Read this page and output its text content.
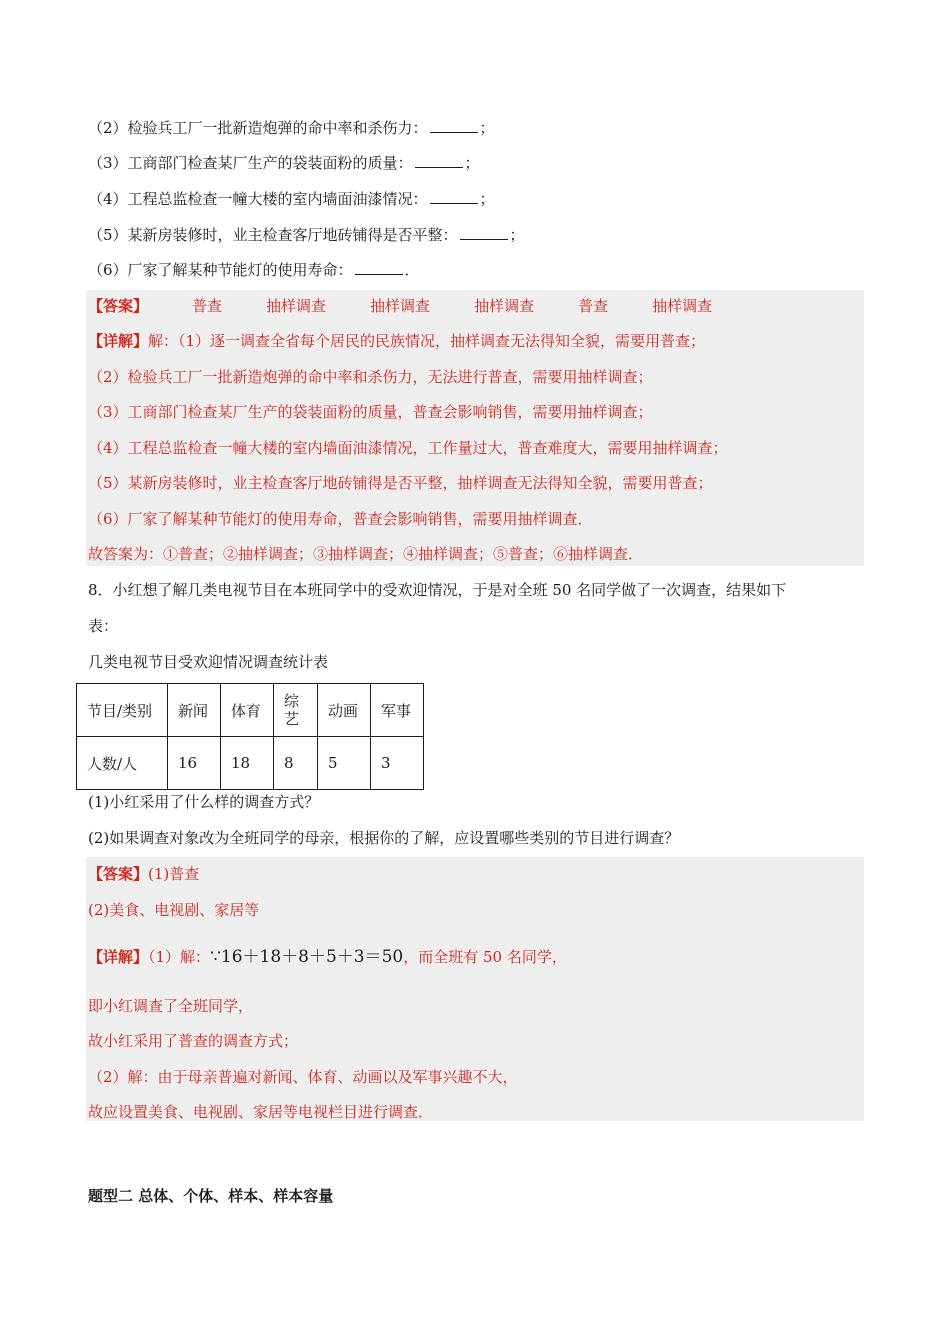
（2）检验兵工厂一批新造炮弹的命中率和杀伤力：	；
（3）工商部门检查某厂生产的袋装面粉的质量：	；
（4）工程总监检查一幢大楼的室内墙面油漆情况：	；
（5）某新房装修时，业主检查客厅地砖铺得是否平整：	；
（6）厂家了解某种节能灯的使用寿命：	．
【答案】	普查	抽样调查	抽样调查	抽样调查	普查	抽样调查
【详解】解：（1）逐一调查全省每个居民的民族情况，抽样调查无法得知全貌，需要用普查；
（2）检验兵工厂一批新造炮弹的命中率和杀伤力，无法进行普查，需要用抽样调查；
（3）工商部门检查某厂生产的袋装面粉的质量，普查会影响销售，需要用抽样调查；
（4）工程总监检查一幢大楼的室内墙面油漆情况，工作量过大，普查难度大，需要用抽样调查；
（5）某新房装修时，业主检查客厅地砖铺得是否平整，抽样调查无法得知全貌，需要用普查；
（6）厂家了解某种节能灯的使用寿命，普查会影响销售，需要用抽样调查．
故答案为：①普查；②抽样调查；③抽样调查；④抽样调查；⑤普查；⑥抽样调查．
8．小红想了解几类电视节目在本班同学中的受欢迎情况，于是对全班 50 名同学做了一次调查，结果如下
表：
几类电视节目受欢迎情况调查统计表
节目/类别	新闻	体育	综艺	动画	军事
人数/人	16	18	8	5	3
(1)小红采用了什么样的调查方式？
(2)如果调查对象改为全班同学的母亲，根据你的了解，应设置哪些类别的节目进行调查？
【答案】(1)普查
(2)美食、电视剧、家居等
【详解】（1）解：∵16＋18＋8＋5＋3＝50，而全班有 50 名同学，
即小红调查了全班同学，
故小红采用了普查的调查方式；
（2）解：由于母亲普遍对新闻、体育、动画以及军事兴趣不大，
故应设置美食、电视剧、家居等电视栏目进行调查．
题型二 总体、个体、样本、样本容量
